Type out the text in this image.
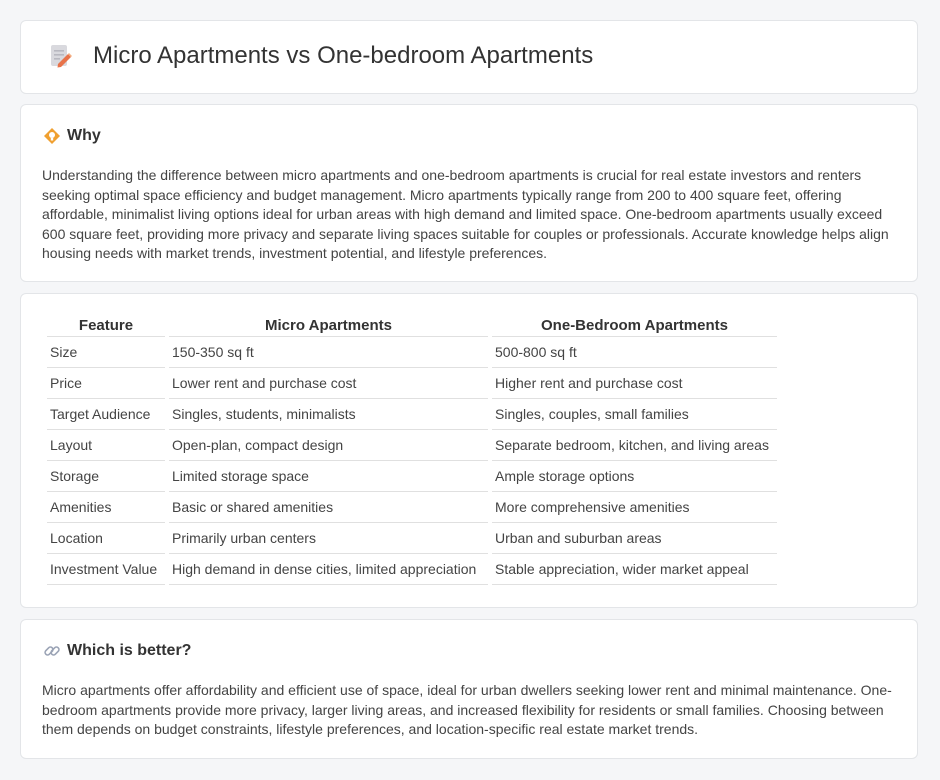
Micro Apartments vs One-bedroom Apartments
Why

Understanding the difference between micro apartments and one-bedroom apartments is crucial for real estate investors and renters seeking optimal space efficiency and budget management. Micro apartments typically range from 200 to 400 square feet, offering affordable, minimalist living options ideal for urban areas with high demand and limited space. One-bedroom apartments usually exceed 600 square feet, providing more privacy and separate living spaces suitable for couples or professionals. Accurate knowledge helps align housing needs with market trends, investment potential, and lifestyle preferences.

Feature	Micro Apartments	One-Bedroom Apartments
Size	150-350 sq ft	500-800 sq ft
Price	Lower rent and purchase cost	Higher rent and purchase cost
Target Audience	Singles, students, minimalists	Singles, couples, small families
Layout	Open-plan, compact design	Separate bedroom, kitchen, and living areas
Storage	Limited storage space	Ample storage options
Amenities	Basic or shared amenities	More comprehensive amenities
Location	Primarily urban centers	Urban and suburban areas
Investment Value	High demand in dense cities, limited appreciation	Stable appreciation, wider market appeal
Which is better?

Micro apartments offer affordability and efficient use of space, ideal for urban dwellers seeking lower rent and minimal maintenance. One-bedroom apartments provide more privacy, larger living areas, and increased flexibility for residents or small families. Choosing between them depends on budget constraints, lifestyle preferences, and location-specific real estate market trends.
